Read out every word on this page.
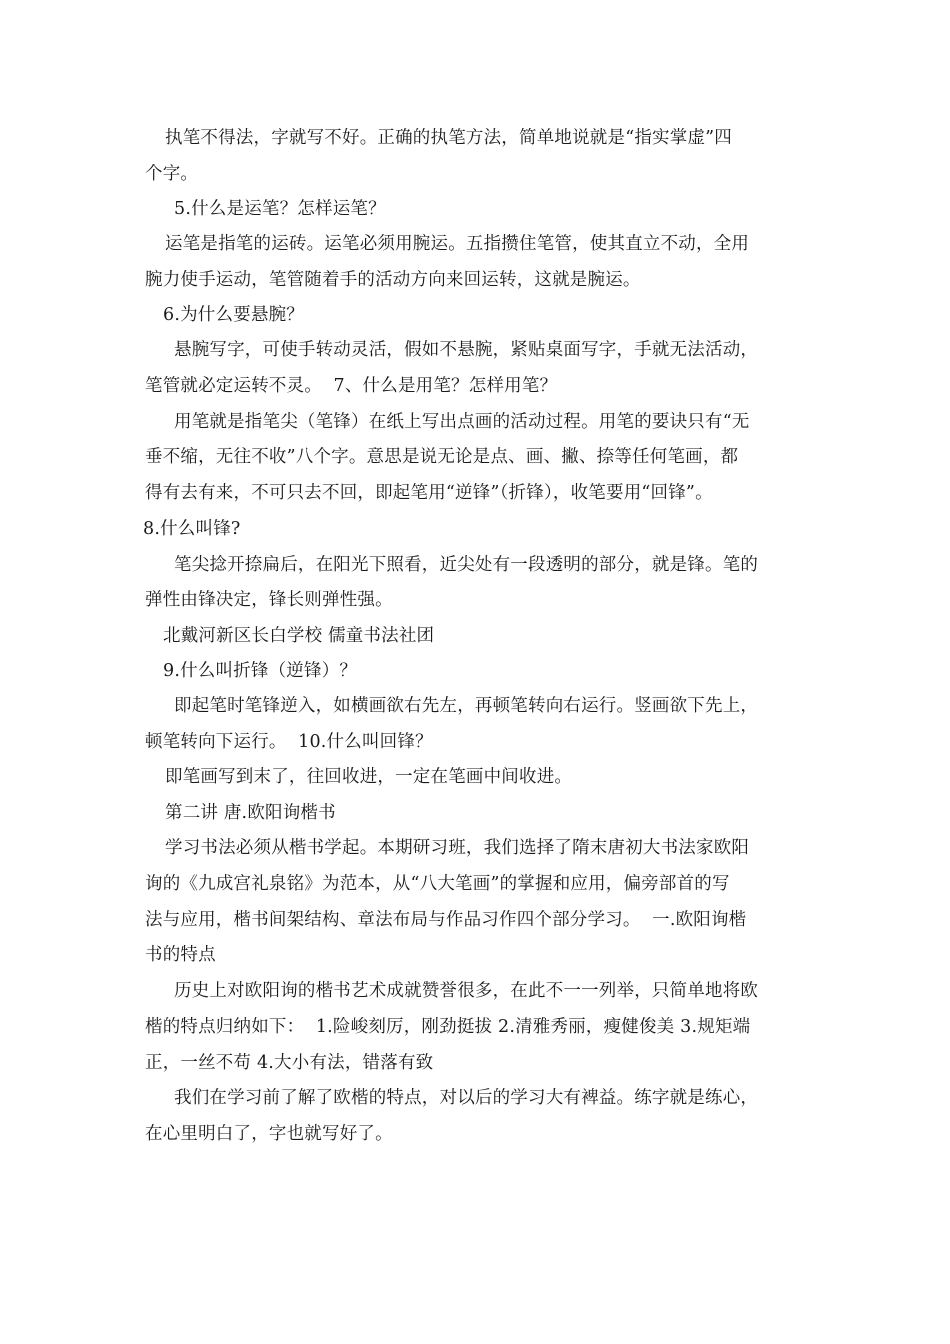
执笔不得法，字就写不好。正确的执笔方法，简单地说就是“指实掌虚”四
个字。
5.什么是运笔？怎样运笔？
运笔是指笔的运砖。运笔必须用腕运。五指攒住笔管，使其直立不动，全用
腕力使手运动，笔管随着手的活动方向来回运转，这就是腕运。
6.为什么要悬腕？
悬腕写字，可使手转动灵活，假如不悬腕，紧贴桌面写字，手就无法活动，
笔管就必定运转不灵。  7、什么是用笔？怎样用笔？
用笔就是指笔尖（笔锋）在纸上写出点画的活动过程。用笔的要诀只有“无
垂不缩，无往不收”八个字。意思是说无论是点、画、撇、捺等任何笔画，都
得有去有来，不可只去不回，即起笔用“逆锋”（折锋），收笔要用“回锋”。
8.什么叫锋?
笔尖捻开捺扁后，在阳光下照看，近尖处有一段透明的部分，就是锋。笔的
弹性由锋决定，锋长则弹性强。
北戴河新区长白学校 儒童书法社团
9.什么叫折锋（逆锋）？
即起笔时笔锋逆入，如横画欲右先左，再顿笔转向右运行。竖画欲下先上，
顿笔转向下运行。  10.什么叫回锋？
即笔画写到末了，往回收进，一定在笔画中间收进。
第二讲 唐.欧阳询楷书
学习书法必须从楷书学起。本期研习班，我们选择了隋末唐初大书法家欧阳
询的《九成宫礼泉铭》为范本，从“八大笔画”的掌握和应用，偏旁部首的写
法与应用，楷书间架结构、章法布局与作品习作四个部分学习。  一.欧阳询楷
书的特点
历史上对欧阳询的楷书艺术成就赞誉很多，在此不一一列举，只简单地将欧
楷的特点归纳如下：  1.险峻刻厉，刚劲挺拔 2.清雅秀丽，瘦健俊美 3.规矩端
正，一丝不苟 4.大小有法，错落有致
我们在学习前了解了欧楷的特点，对以后的学习大有裨益。练字就是练心，
在心里明白了，字也就写好了。
